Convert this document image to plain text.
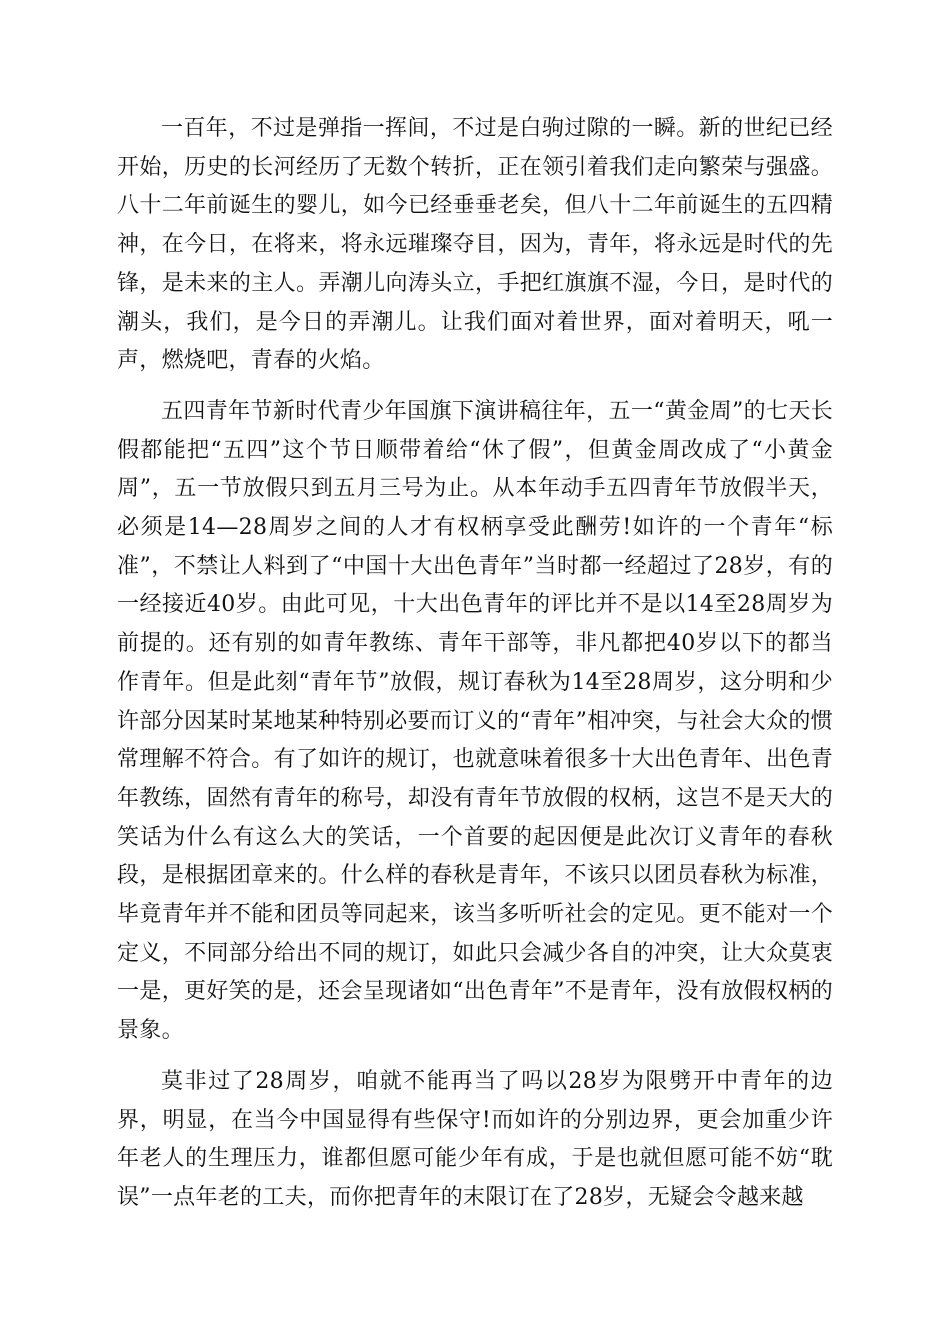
一百年，不过是弹指一挥间，不过是白驹过隙的一瞬。新的世纪已经开始，历史的长河经历了无数个转折，正在领引着我们走向繁荣与强盛。八十二年前诞生的婴儿，如今已经垂垂老矣，但八十二年前诞生的五四精神，在今日，在将来，将永远璀璨夺目，因为，青年，将永远是时代的先锋，是未来的主人。弄潮儿向涛头立，手把红旗旗不湿，今日，是时代的潮头，我们，是今日的弄潮儿。让我们面对着世界，面对着明天，吼一声，燃烧吧，青春的火焰。

五四青年节新时代青少年国旗下演讲稿往年，五一“黄金周”的七天长假都能把“五四”这个节日顺带着给“休了假”，但黄金周改成了“小黄金周”，五一节放假只到五月三号为止。从本年动手五四青年节放假半天，必须是14—28周岁之间的人才有权柄享受此酬劳!如许的一个青年“标准”，不禁让人料到了“中国十大出色青年”当时都一经超过了28岁，有的一经接近40岁。由此可见，十大出色青年的评比并不是以14至28周岁为前提的。还有别的如青年教练、青年干部等，非凡都把40岁以下的都当作青年。但是此刻“青年节”放假，规订春秋为14至28周岁，这分明和少许部分因某时某地某种特别必要而订义的“青年”相冲突，与社会大众的惯常理解不符合。有了如许的规订，也就意味着很多十大出色青年、出色青年教练，固然有青年的称号，却没有青年节放假的权柄，这岂不是天大的笑话为什么有这么大的笑话，一个首要的起因便是此次订义青年的春秋段，是根据团章来的。什么样的春秋是青年，不该只以团员春秋为标准，毕竟青年并不能和团员等同起来，该当多听听社会的定见。更不能对一个定义，不同部分给出不同的规订，如此只会减少各自的冲突，让大众莫衷一是，更好笑的是，还会呈现诸如“出色青年”不是青年，没有放假权柄的景象。

莫非过了28周岁，咱就不能再当了吗以28岁为限劈开中青年的边界，明显，在当今中国显得有些保守!而如许的分别边界，更会加重少许年老人的生理压力，谁都但愿可能少年有成，于是也就但愿可能不妨“耽误”一点年老的工夫，而你把青年的末限订在了28岁，无疑会令越来越
